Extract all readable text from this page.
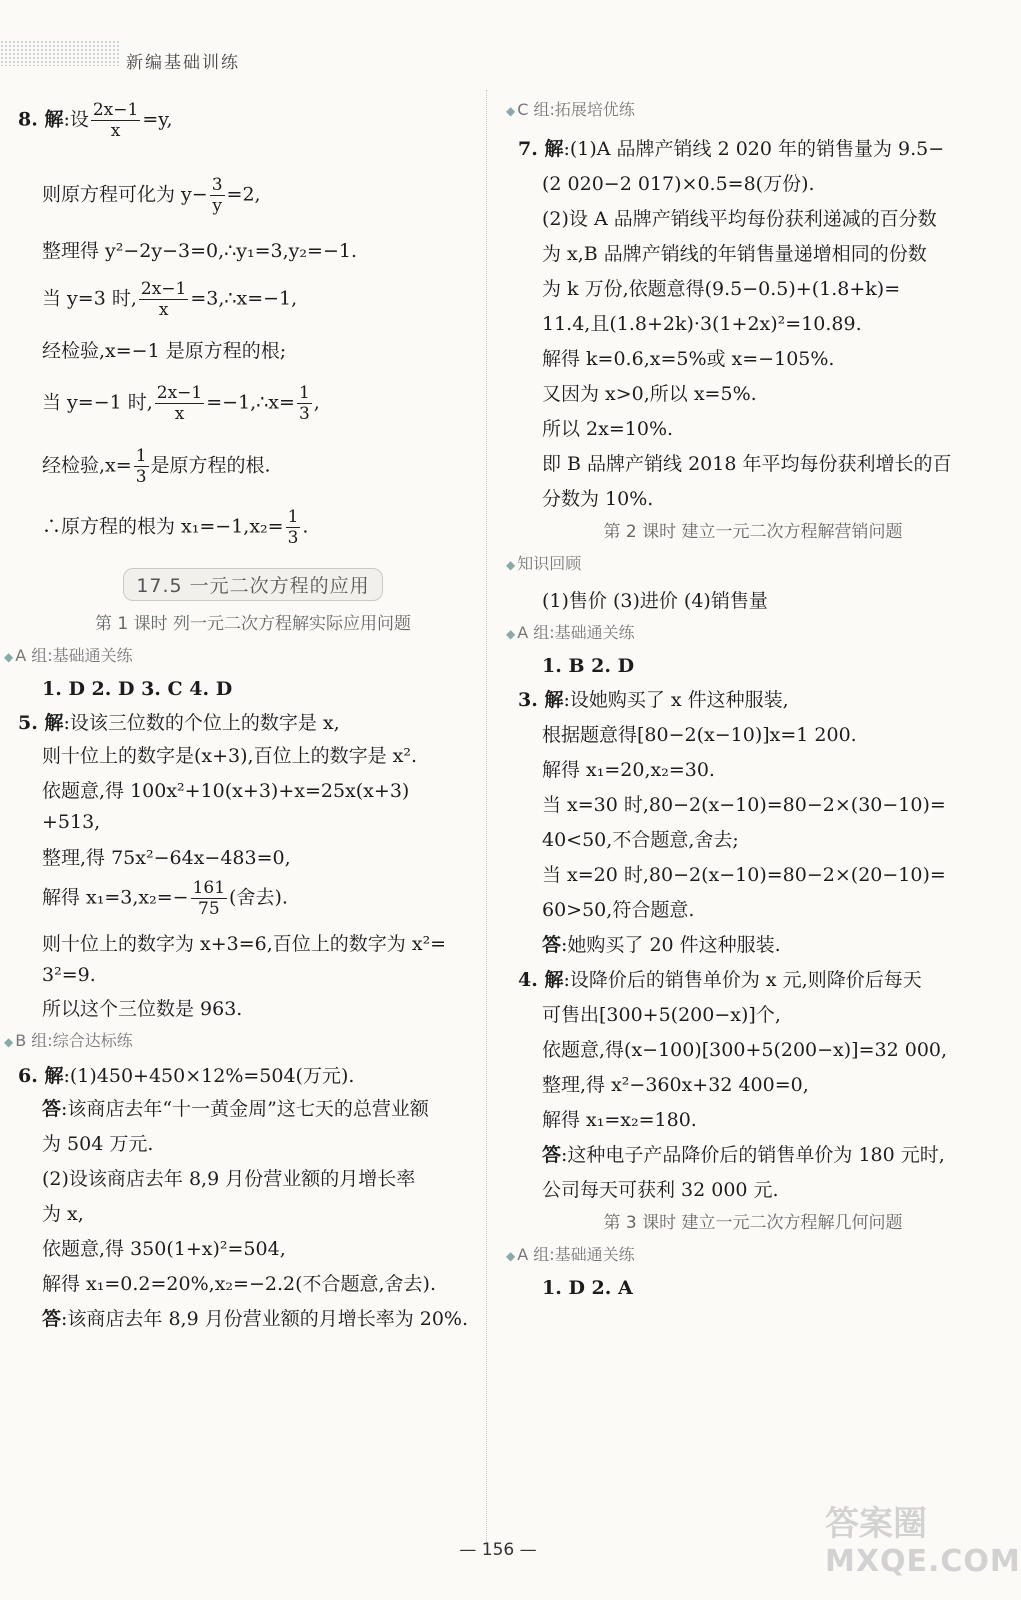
新编基础训练
8. 解:设 $\frac{2x-1}{x} =y$,
则原方程可化为 $y- \frac{3}{y} =2$,
整理得 y²−2y−3=0,∴y₁=3,y₂=−1.
当 y=3 时, $\frac{2x-1}{x}$ =3,∴x=−1,
经检验,x=−1 是原方程的根;
当 y=−1 时, $\frac{2x-1}{x}$ =−1,∴x= $\frac{1}{3}$ ,
经检验$,x= \frac{1}{3}$ 是原方程的根.
∴原方程的根为 $x_1=-1,x_2= \frac{1}{3}$ .
17.5 一元二次方程的应用
第 1 课时 列一元二次方程解实际应用问题
◆ A 组:基础通关练
1. D 2. D 3. C 4. D
5. 解:设该三位数的个位上的数字是 x,
则十位上的数字是(x+3),百位上的数字是 x².
依题意,得 100x²+10(x+3)+x=25x(x+3)
+513,
整理,得 75x²−64x−483=0,
解得 $x_1=3,x_2=- \frac{161}{75}$ (舍去).
则十位上的数字为 x+3=6,百位上的数字为 x²=
3²=9.
所以这个三位数是 963.
◆ B 组:综合达标练
6. 解:(1)450+450×12%=504(万元).
答:该商店去年“十一黄金周”这七天的总营业额
为 504 万元.
(2)设该商店去年 8,9 月份营业额的月增长率
为 x,
依题意,得 350(1+x)²=504,
解得 x₁=0.2=20%,x₂=−2.2(不合题意,舍去).
答:该商店去年 8,9 月份营业额的月增长率为 20%.
◆ C 组:拓展培优练
7. 解:(1)A 品牌产销线 2 020 年的销售量为 9.5−
(2 020−2 017)×0.5=8(万份).
(2)设 A 品牌产销线平均每份获利递减的百分数
为 x,B 品牌产销线的年销售量递增相同的份数
为 k 万份,依题意得(9.5−0.5)+(1.8+k)=
11.4,且(1.8+2k)·3(1+2x)²=10.89.
解得 k=0.6,x=5%或 x=−105%.
又因为 x>0,所以 x=5%.
所以 2x=10%.
即 B 品牌产销线 2018 年平均每份获利增长的百
分数为 10%.
第 2 课时 建立一元二次方程解营销问题
◆ 知识回顾
(1)售价 (3)进价 (4)销售量
◆ A 组:基础通关练
1. B 2. D
3. 解:设她购买了 x 件这种服装,
根据题意得[80−2(x−10)]x=1 200.
解得 x₁=20,x₂=30.
当 x=30 时,80−2(x−10)=80−2×(30−10)=
40<50,不合题意,舍去;
当 x=20 时,80−2(x−10)=80−2×(20−10)=
60>50,符合题意.
答:她购买了 20 件这种服装.
4. 解:设降价后的销售单价为 x 元,则降价后每天
可售出[300+5(200−x)]个,
依题意,得(x−100)[300+5(200−x)]=32 000,
整理,得 x²−360x+32 400=0,
解得 x₁=x₂=180.
答:这种电子产品降价后的销售单价为 180 元时,
公司每天可获利 32 000 元.
第 3 课时 建立一元二次方程解几何问题
◆ A 组:基础通关练
1. D 2. A
— 156 —
答案圈
MXQE.COM
